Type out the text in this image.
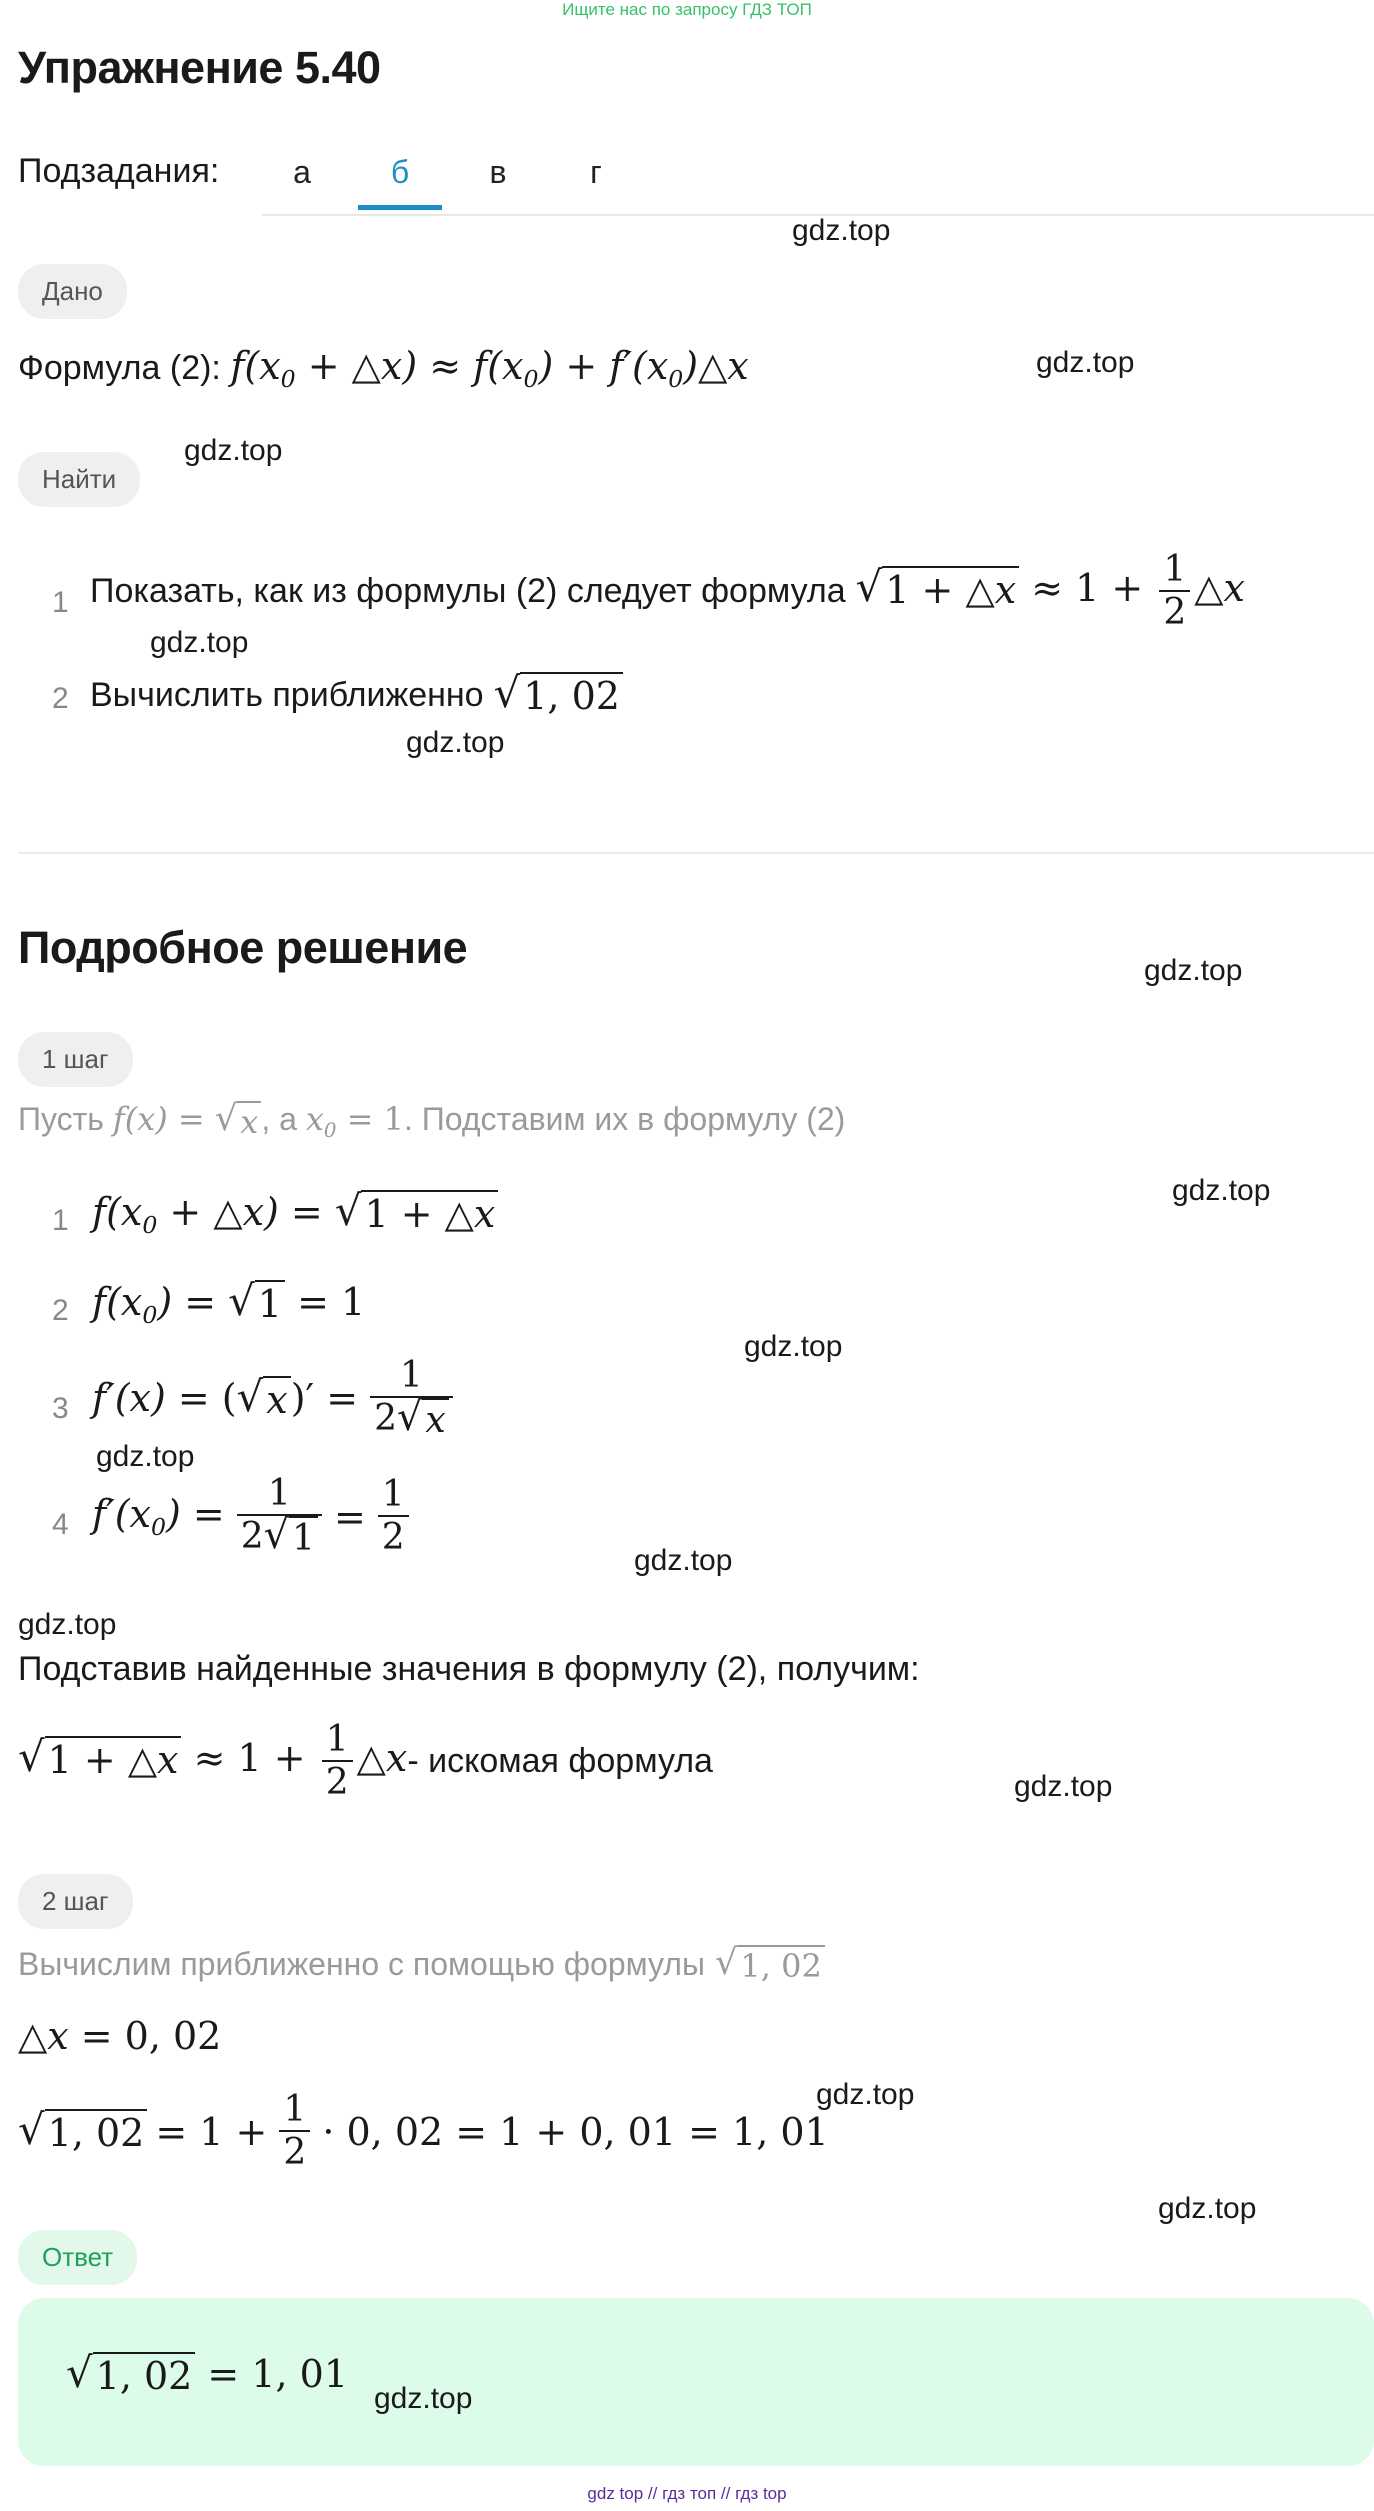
Ищите нас по запросу ГДЗ ТОП
Упражнение 5.40
Подзадания:	а	б	в	г
gdz.top
Дано
Формула (2): $f(x_0$ + △x) ≈ $f(x_0)$ + $f'(x_0)\triangle x$	gdz.top
gdz.top
Найти
1 Показать, как из формулы (2) следует формула √ 1 + △x ≈ $1 + \frac{1}{2}$ △x
gdz.top
2 Вычислить приближенно √ 1, 02
gdz.top
Подробное решение	gdz.top
1 шаг
Пусть f(x) = √ x , а $x_0 = 1$. Подставим их в формулу (2)
gdz.top
1 $f(x_0$ + △x) = √ 1 + △x
2 $f(x_0)$ = √ 1 = 1
gdz.top
3 f′(x) = ( √ x )′ = $\frac{1}{2 √ x}$
gdz.top
4 $f'(x_0) = \frac{1}{2 √ 1} = \frac{1}{2}$
gdz.top
gdz.top
Подставив найденные значения в формулу (2), получим:
√ 1 + △x ≈ $1 + \frac{1}{2}$ △x - искомая формула
gdz.top
2 шаг
Вычислим приближенно с помощью формулы √ 1, 02
△x = 0, 02
gdz.top
√ 1, $02 = 1 + \frac{1}{2} \cdot 0$, 02 = 1 + 0, 01 = 1, 01
gdz.top
Ответ
√ 1, 02 = 1, 01
gdz.top
gdz top // гдз топ // гдз top
